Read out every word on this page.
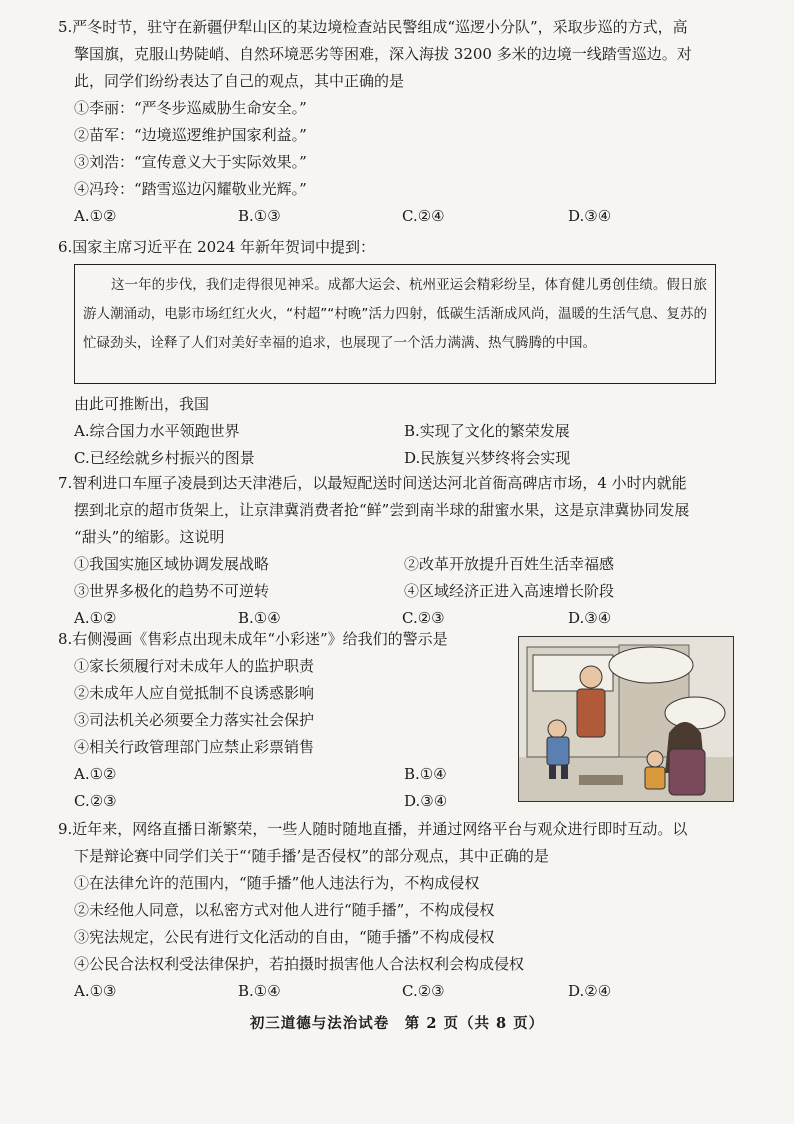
5.严冬时节，驻守在新疆伊犁山区的某边境检查站民警组成“巡逻小分队”，采取步巡的方式，高

擎国旗，克服山势陡峭、自然环境恶劣等困难，深入海拔 3200 多米的边境一线踏雪巡边。对

此，同学们纷纷表达了自己的观点，其中正确的是

①李丽：“严冬步巡威胁生命安全。”

②苗军：“边境巡逻维护国家利益。”

③刘浩：“宣传意义大于实际效果。”

④冯玲：“踏雪巡边闪耀敬业光辉。”

A.①②	B.①③	C.②④	D.③④

6.国家主席习近平在 2024 年新年贺词中提到：

这一年的步伐，我们走得很见神采。成都大运会、杭州亚运会精彩纷呈，体育健儿勇创佳绩。假日旅游人潮涌动，电影市场红红火火，“村超”“村晚”活力四射，低碳生活渐成风尚，温暖的生活气息、复苏的忙碌劲头，诠释了人们对美好幸福的追求，也展现了一个活力满满、热气腾腾的中国。

由此可推断出，我国

A.综合国力水平领跑世界	B.实现了文化的繁荣发展
C.已经绘就乡村振兴的图景	D.民族复兴梦终将会实现

7.智利进口车厘子凌晨到达天津港后，以最短配送时间送达河北首衙高碑店市场，4 小时内就能

摆到北京的超市货架上，让京津冀消费者抢“鲜”尝到南半球的甜蜜水果，这是京津冀协同发展

“甜头”的缩影。这说明

①我国实施区域协调发展战略	②改革开放提升百姓生活幸福感
③世界多极化的趋势不可逆转	④区域经济正进入高速增长阶段
A.①②	B.①④	C.②③	D.③④

8.右侧漫画《售彩点出现未成年“小彩迷”》给我们的警示是

①家长须履行对未成年人的监护职责

②未成年人应自觉抵制不良诱惑影响

③司法机关必须要全力落实社会保护

④相关行政管理部门应禁止彩票销售

A.①②	B.①④
C.②③	D.③④

9.近年来，网络直播日渐繁荣，一些人随时随地直播，并通过网络平台与观众进行即时互动。以

下是辩论赛中同学们关于“‘随手播’是否侵权”的部分观点，其中正确的是

①在法律允许的范围内，“随手播”他人违法行为，不构成侵权

②未经他人同意，以私密方式对他人进行“随手播”，不构成侵权

③宪法规定，公民有进行文化活动的自由，“随手播”不构成侵权

④公民合法权利受法律保护，若拍摄时损害他人合法权利会构成侵权

A.①③	B.①④	C.②③	D.②④
初三道德与法治试卷　第 2 页（共 8 页）
